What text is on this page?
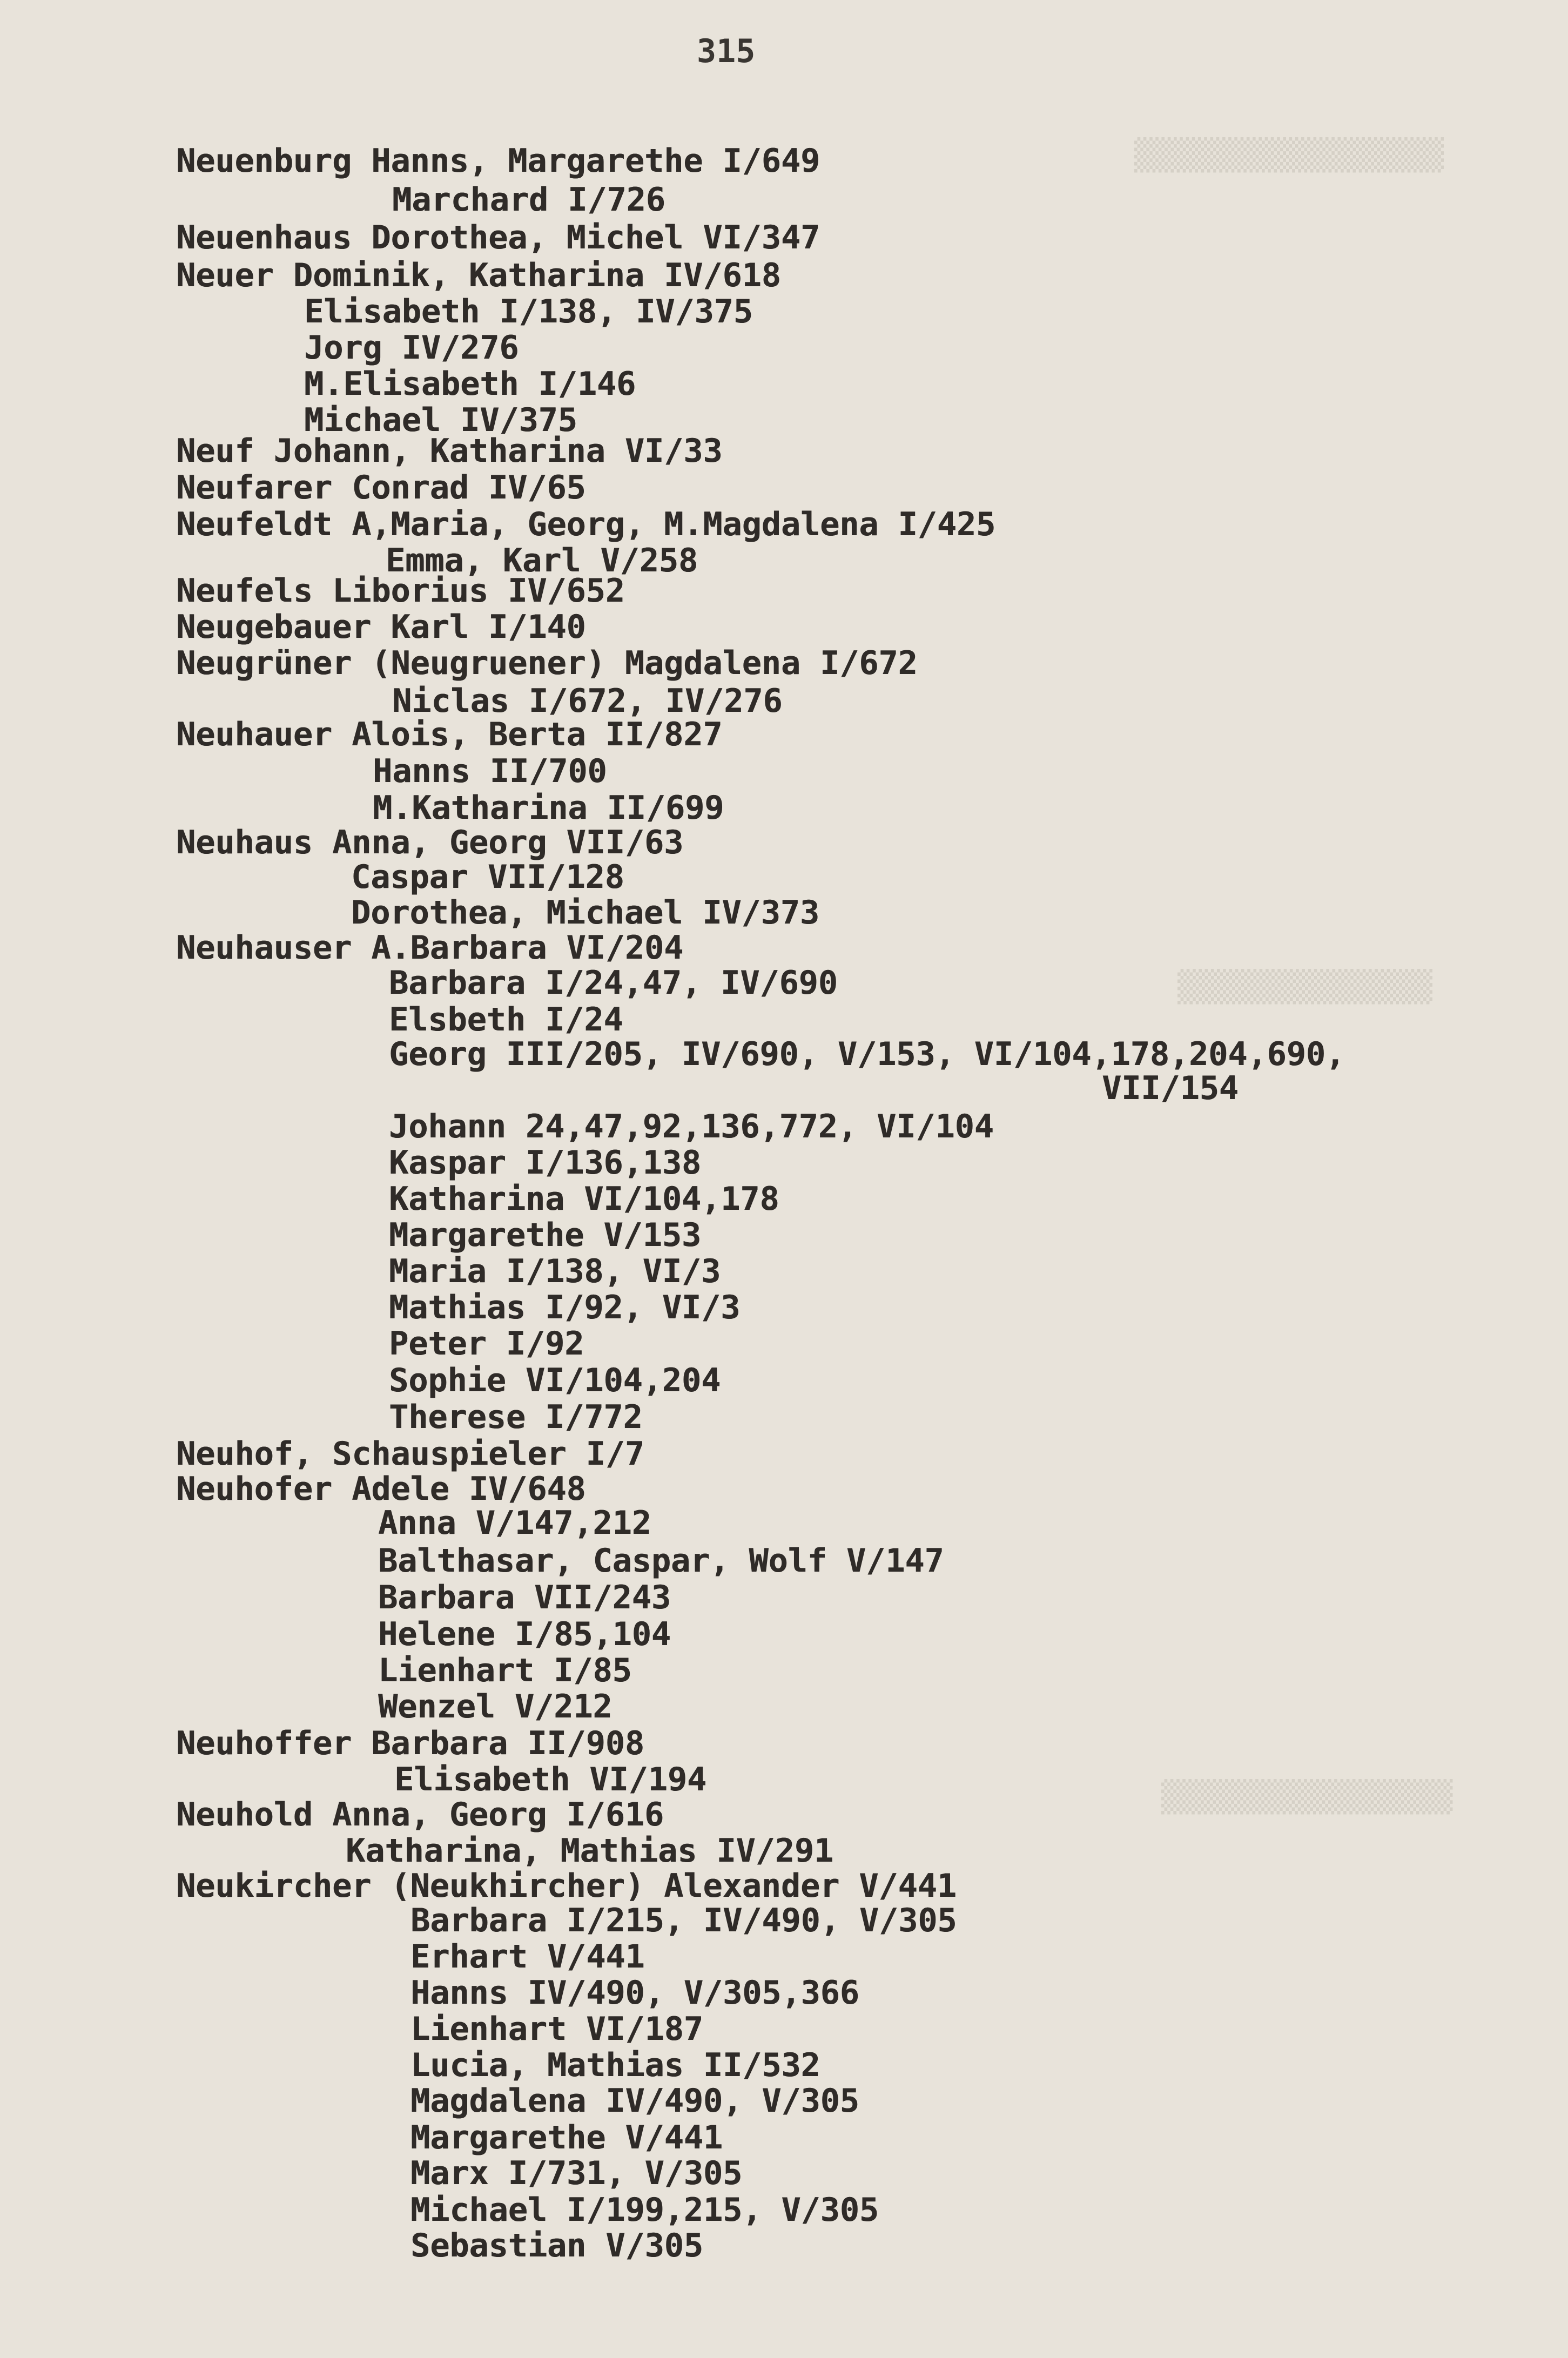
315
▒▒▒▒▒▒▒▒▒▒▒▒▒▒▒▒▒
▒▒▒▒▒▒▒▒▒▒▒▒▒▒
▒▒▒▒▒▒▒▒▒▒▒▒▒▒▒▒
Neuenburg Hanns, Margarethe I/649
Marchard I/726
Neuenhaus Dorothea, Michel VI/347
Neuer Dominik, Katharina IV/618
Elisabeth I/138, IV/375
Jorg IV/276
M.Elisabeth I/146
Michael IV/375
Neuf Johann, Katharina VI/33
Neufarer Conrad IV/65
Neufeldt A,Maria, Georg, M.Magdalena I/425
Emma, Karl V/258
Neufels Liborius IV/652
Neugebauer Karl I/140
Neugrüner (Neugruener) Magdalena I/672
Niclas I/672, IV/276
Neuhauer Alois, Berta II/827
Hanns II/700
M.Katharina II/699
Neuhaus Anna, Georg VII/63
Caspar VII/128
Dorothea, Michael IV/373
Neuhauser A.Barbara VI/204
Barbara I/24,47, IV/690
Elsbeth I/24
Georg III/205, IV/690, V/153, VI/104,178,204,690,
VII/154
Johann 24,47,92,136,772, VI/104
Kaspar I/136,138
Katharina VI/104,178
Margarethe V/153
Maria I/138, VI/3
Mathias I/92, VI/3
Peter I/92
Sophie VI/104,204
Therese I/772
Neuhof, Schauspieler I/7
Neuhofer Adele IV/648
Anna V/147,212
Balthasar, Caspar, Wolf V/147
Barbara VII/243
Helene I/85,104
Lienhart I/85
Wenzel V/212
Neuhoffer Barbara II/908
Elisabeth VI/194
Neuhold Anna, Georg I/616
Katharina, Mathias IV/291
Neukircher (Neukhircher) Alexander V/441
Barbara I/215, IV/490, V/305
Erhart V/441
Hanns IV/490, V/305,366
Lienhart VI/187
Lucia, Mathias II/532
Magdalena IV/490, V/305
Margarethe V/441
Marx I/731, V/305
Michael I/199,215, V/305
Sebastian V/305
